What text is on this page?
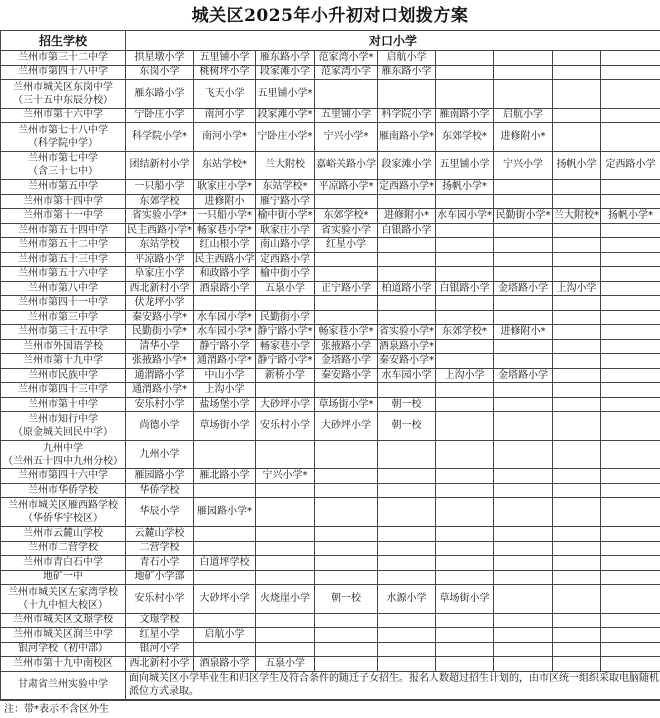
城关区2025年小升初对口划拨方案
招生学校	对口小学								
兰州市第三十二中学	拱星墩小学	五里铺小学	雁东路小学	范家湾小学*	启航小学				
兰州市第四十八中学	东岗小学	桃树坪小学	段家滩小学	范家湾小学	雁东路小学				
兰州市城关区东岗中学
（三十五中东辰分校）	雁东路小学	飞天小学	五里铺小学*						
兰州市第十六中学	宁卧庄小学	南河小学	段家滩小学*	五里铺小学	科学院小学	雁南路小学	启航小学		
兰州市第七十八中学
（科学院中学）	科学院小学*	南河小学*	宁卧庄小学*	宁兴小学*	雁南路小学*	东郊学校*	进修附小*		
兰州市第七中学
（含三十七中）	团结新村小学	东站学校*	兰大附校	嘉峪关路小学	段家滩小学	五里铺小学	宁兴小学	扬帆小学	定西路小学
兰州市第五中学	一只船小学	耿家庄小学*	东站学校*	平凉路小学*	定西路小学*	扬帆小学*			
兰州市第十四中学	东郊学校	进修附小	雁宁路小学						
兰州市第十一中学	省实验小学*	一只船小学*	榆中街小学*	东郊学校*	进修附小*	水车园小学*	民勤街小学*	兰大附校*	扬帆小学*
兰州市第五十四中学	民主西路小学*	畅家巷小学*	耿家庄小学	省实验小学	白银路小学				
兰州市第五十二中学	东站学校	红山根小学	南山路小学	红星小学					
兰州市第五十三中学	平凉路小学	民主西路小学	定西路小学						
兰州市第五十六中学	阜家庄小学	和政路小学	榆中街小学						
兰州市第八中学	西北新村小学	酒泉路小学	五泉小学	正宁路小学	柏道路小学	白银路小学	金塔路小学	上沟小学	
兰州市第四十一中学	伏龙坪小学								
兰州市第三中学	秦安路小学*	水车园小学*	民勤街小学						
兰州市第三十五中学	民勤街小学*	水车园小学*	静宁路小学*	畅家巷小学*	省实验小学*	东郊学校*	进修附小*		
兰州市外国语学校	清华小学	静宁路小学	畅家巷小学	张掖路小学	酒泉路小学*				
兰州市第十九中学	张掖路小学*	通渭路小学*	静宁路小学*	金塔路小学	秦安路小学*				
兰州市民族中学	通渭路小学	中山小学	新桥小学	秦安路小学	水车园小学	上沟小学	金塔路小学		
兰州市第四十三中学	通渭路小学*	上沟小学							
兰州市第十中学	安乐村小学	盐场堡小学	大砂坪小学	草场街小学*	朝一校				
兰州市知行中学
（原金城关回民中学）	尚德小学	草场街小学	安乐村小学	大砂坪小学	朝一校				
九州中学
（兰州五十四中九州分校）	九州小学								
兰州市第四十六中学	雁园路小学	雁北路小学	宁兴小学*						
兰州市华侨学校	华侨学校								
兰州市城关区雁西路学校
（华侨华宇校区）	华辰小学	雁园路小学*							
兰州市云麓山学校	云麓山学校								
兰州市二营学校	二营学校								
兰州市青白石中学	青石小学	白道坪学校							
地矿一中	地矿小学部								
兰州市城关区左家湾学校
（十九中恒大校区）	安乐村小学	大砂坪小学	火烧崖小学	朝一校	水源小学	草场街小学			
兰州市城关区文璟学校	文璟学校								
兰州市城关区润兰中学	红星小学	启航小学							
银河学校（初中部）	银河小学								
兰州市第十九中南校区	西北新村小学	酒泉路小学	五泉小学						
甘肃省兰州实验中学	面向城关区小学毕业生和归区学生及符合条件的随迁子女招生。报名人数超过招生计划的，由市区统一组织采取电脑随机派位方式录取。								
注：带*表示不含区外生
